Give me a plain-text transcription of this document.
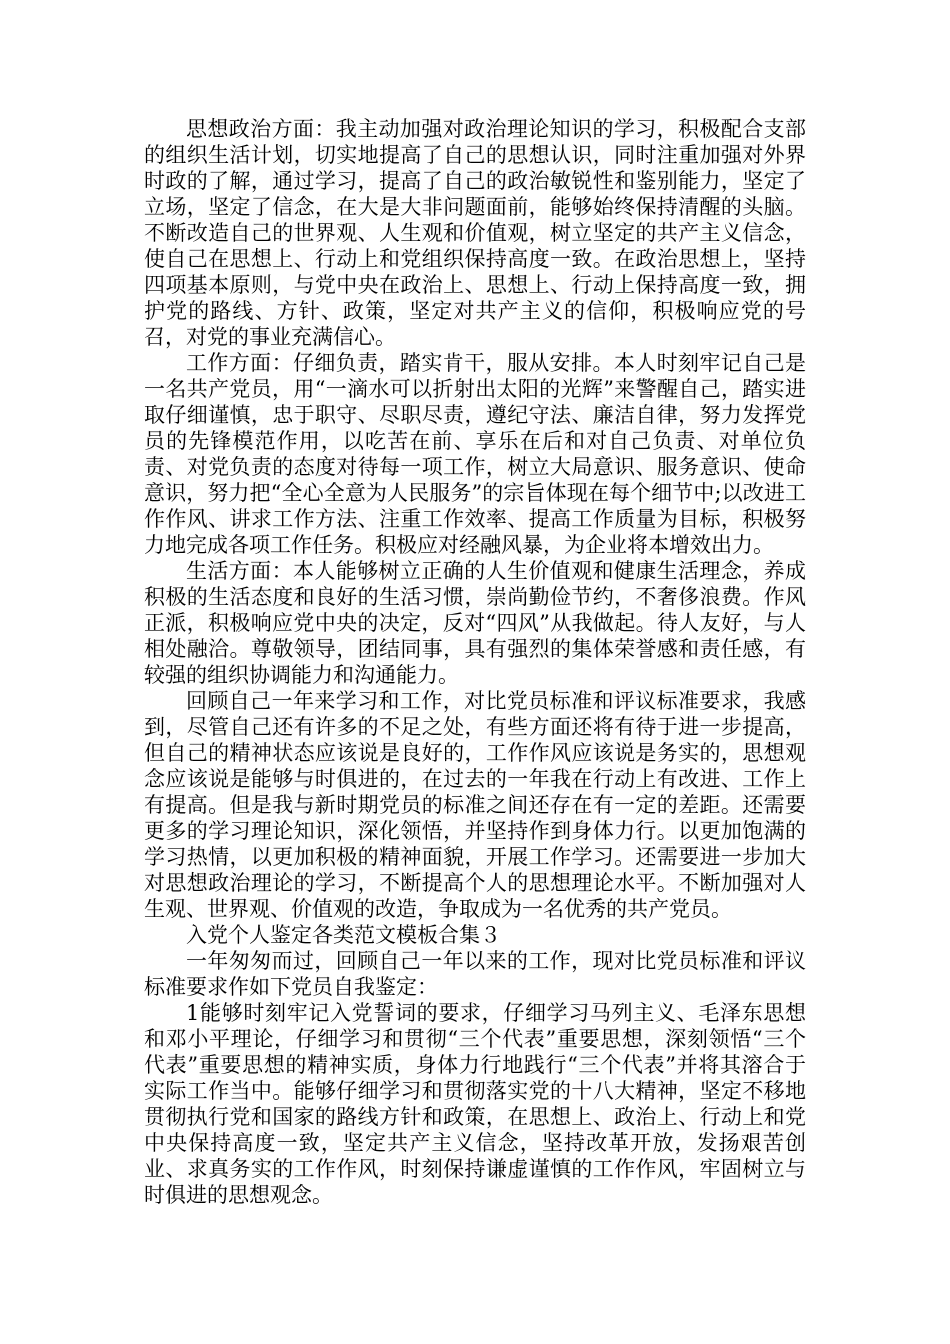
思想政治方面：我主动加强对政治理论知识的学习，积极配合支部的组织生活计划，切实地提高了自己的思想认识，同时注重加强对外界时政的了解，通过学习，提高了自己的政治敏锐性和鉴别能力，坚定了立场，坚定了信念，在大是大非问题面前，能够始终保持清醒的头脑。不断改造自己的世界观、人生观和价值观，树立坚定的共产主义信念，使自己在思想上、行动上和党组织保持高度一致。在政治思想上，坚持四项基本原则，与党中央在政治上、思想上、行动上保持高度一致，拥护党的路线、方针、政策，坚定对共产主义的信仰，积极响应党的号召，对党的事业充满信心。

工作方面：仔细负责，踏实肯干，服从安排。本人时刻牢记自己是一名共产党员，用“一滴水可以折射出太阳的光辉”来警醒自己，踏实进取仔细谨慎，忠于职守、尽职尽责，遵纪守法、廉洁自律，努力发挥党员的先锋模范作用，以吃苦在前、享乐在后和对自己负责、对单位负责、对党负责的态度对待每一项工作，树立大局意识、服务意识、使命意识，努力把“全心全意为人民服务”的宗旨体现在每个细节中;以改进工作作风、讲求工作方法、注重工作效率、提高工作质量为目标，积极努力地完成各项工作任务。积极应对经融风暴，为企业将本增效出力。

生活方面：本人能够树立正确的人生价值观和健康生活理念，养成积极的生活态度和良好的生活习惯，崇尚勤俭节约，不奢侈浪费。作风正派，积极响应党中央的决定，反对“四风”从我做起。待人友好，与人相处融洽。尊敬领导，团结同事，具有强烈的集体荣誉感和责任感，有较强的组织协调能力和沟通能力。

回顾自己一年来学习和工作，对比党员标准和评议标准要求，我感到，尽管自己还有许多的不足之处，有些方面还将有待于进一步提高，但自己的精神状态应该说是良好的，工作作风应该说是务实的，思想观念应该说是能够与时俱进的，在过去的一年我在行动上有改进、工作上有提高。但是我与新时期党员的标准之间还存在有一定的差距。还需要更多的学习理论知识，深化领悟，并坚持作到身体力行。以更加饱满的学习热情，以更加积极的精神面貌，开展工作学习。还需要进一步加大对思想政治理论的学习，不断提高个人的思想理论水平。不断加强对人生观、世界观、价值观的改造，争取成为一名优秀的共产党员。

入党个人鉴定各类范文模板合集３

一年匆匆而过，回顾自己一年以来的工作，现对比党员标准和评议标准要求作如下党员自我鉴定：

1能够时刻牢记入党誓词的要求，仔细学习马列主义、毛泽东思想和邓小平理论，仔细学习和贯彻“三个代表”重要思想，深刻领悟“三个代表”重要思想的精神实质，身体力行地践行“三个代表”并将其溶合于实际工作当中。能够仔细学习和贯彻落实党的十八大精神，坚定不移地贯彻执行党和国家的路线方针和政策，在思想上、政治上、行动上和党中央保持高度一致，坚定共产主义信念，坚持改革开放，发扬艰苦创业、求真务实的工作作风，时刻保持谦虚谨慎的工作作风，牢固树立与时俱进的思想观念。
